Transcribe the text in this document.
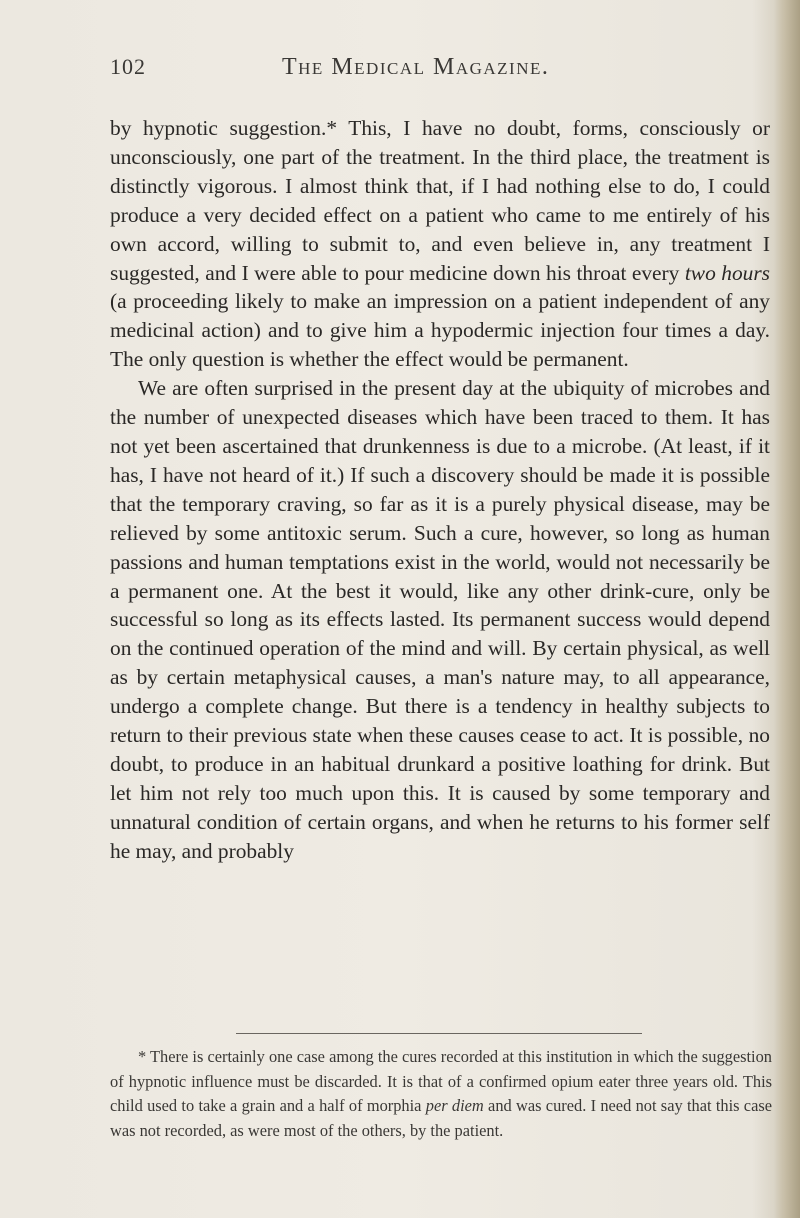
102	The Medical Magazine.

by hypnotic suggestion.* This, I have no doubt, forms, consciously or unconsciously, one part of the treatment. In the third place, the treatment is distinctly vigorous. I almost think that, if I had nothing else to do, I could produce a very decided effect on a patient who came to me entirely of his own accord, willing to submit to, and even believe in, any treatment I suggested, and I were able to pour medicine down his throat every two hours (a proceeding likely to make an impression on a patient independent of any medicinal action) and to give him a hypodermic injection four times a day. The only question is whether the effect would be permanent.

We are often surprised in the present day at the ubiquity of microbes and the number of unexpected diseases which have been traced to them. It has not yet been ascertained that drunkenness is due to a microbe. (At least, if it has, I have not heard of it.) If such a discovery should be made it is possible that the temporary craving, so far as it is a purely physical disease, may be relieved by some antitoxic serum. Such a cure, however, so long as human passions and human temptations exist in the world, would not necessarily be a permanent one. At the best it would, like any other drink-cure, only be successful so long as its effects lasted. Its permanent success would depend on the continued operation of the mind and will. By certain physical, as well as by certain metaphysical causes, a man's nature may, to all appearance, undergo a complete change. But there is a tendency in healthy subjects to return to their previous state when these causes cease to act. It is possible, no doubt, to produce in an habitual drunkard a positive loathing for drink. But let him not rely too much upon this. It is caused by some temporary and unnatural condition of certain organs, and when he returns to his former self he may, and probably

* There is certainly one case among the cures recorded at this institution in which the suggestion of hypnotic influence must be discarded. It is that of a confirmed opium eater three years old. This child used to take a grain and a half of morphia per diem and was cured. I need not say that this case was not recorded, as were most of the others, by the patient.
